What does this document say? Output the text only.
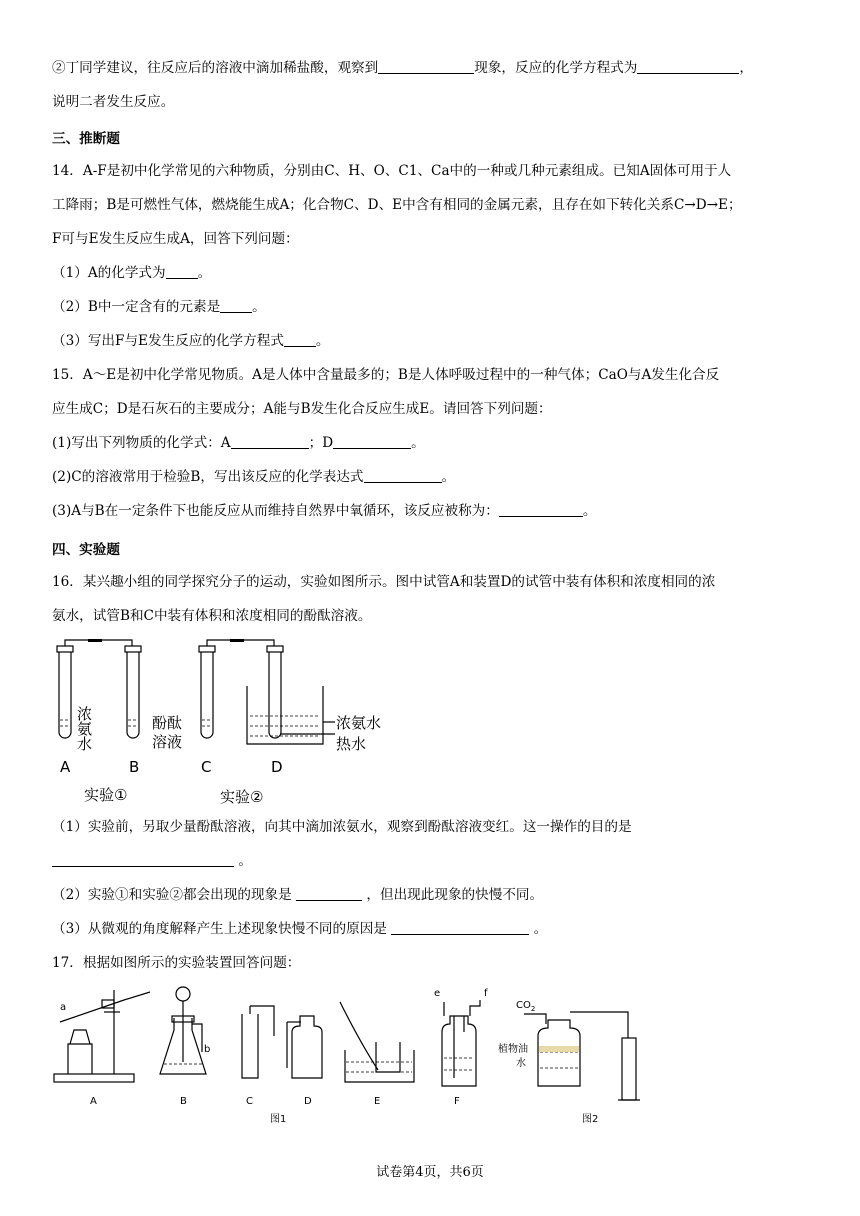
②丁同学建议，往反应后的溶液中滴加稀盐酸，观察到	现象，反应的化学方程式为	，
说明二者发生反应。
三、推断题
14．A-F是初中化学常见的六种物质，分别由C、H、O、C1、Ca中的一种或几种元素组成。已知A固体可用于人
工降雨；B是可燃性气体，燃烧能生成A；化合物C、D、E中含有相同的金属元素，且存在如下转化关系C→D→E；
F可与E发生反应生成A，回答下列问题：
（1）A的化学式为 。
（2）B中一定含有的元素是 。
（3）写出F与E发生反应的化学方程式 。
15．A～E是初中化学常见物质。A是人体中含量最多的；B是人体呼吸过程中的一种气体；CaO与A发生化合反
应生成C；D是石灰石的主要成分；A能与B发生化合反应生成E。请回答下列问题：
(1)写出下列物质的化学式：A	；D	。
(2)C的溶液常用于检验B，写出该反应的化学表达式	。
(3)A与B在一定条件下也能反应从而维持自然界中氧循环，该反应被称为：	。
四、实验题
16．某兴趣小组的同学探究分子的运动，实验如图所示。图中试管A和装置D的试管中装有体积和浓度相同的浓
氨水，试管B和C中装有体积和浓度相同的酚酞溶液。
浓氨水	酚酞
溶液
浓氨水
热水
A	B	C	D
实验①	实验②
（1）实验前，另取少量酚酞溶液，向其中滴加浓氨水，观察到酚酞溶液变红。这一操作的目的是
。
（2）实验①和实验②都会出现的现象是	，但出现此现象的快慢不同。
（3）从微观的角度解释产生上述现象快慢不同的原因是	。
17．根据如图所示的实验装置回答问题：
a
b
e	f
$CO_2$
植物油
水
A	B	C	D	E	F
图1	图2
试卷第4页，共6页
